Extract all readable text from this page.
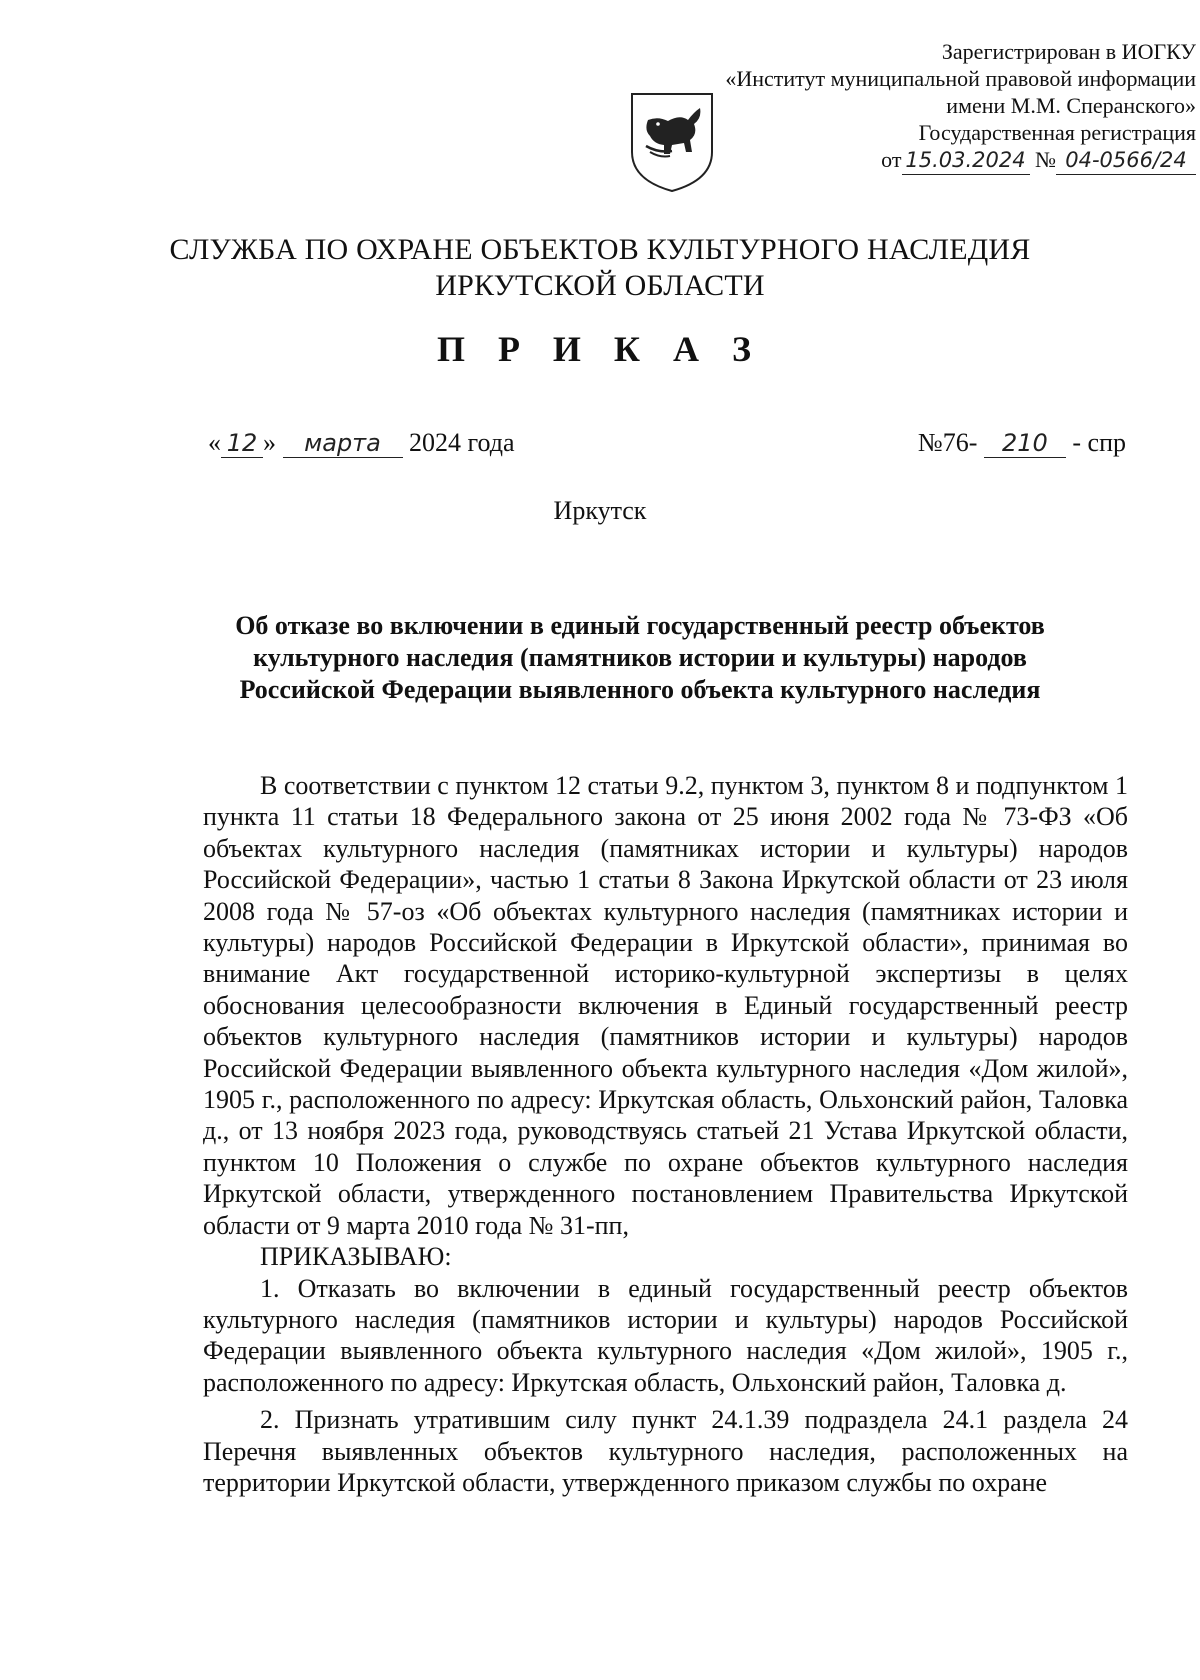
Зарегистрирован в ИОГКУ
«Институт муниципальной правовой информации
имени М.М. Сперанского»
Государственная регистрация
от 15.03.2024 № 04-0566/24
СЛУЖБА ПО ОХРАНЕ ОБЪЕКТОВ КУЛЬТУРНОГО НАСЛЕДИЯ
ИРКУТСКОЙ ОБЛАСТИ
П Р И К А З
« 12 » марта 2024 года	№76- 210 - спр
Иркутск
Об отказе во включении в единый государственный реестр объектов
культурного наследия (памятников истории и культуры) народов
Российской Федерации выявленного объекта культурного наследия

В соответствии с пунктом 12 статьи 9.2, пунктом 3, пунктом 8 и подпунктом 1 пункта 11 статьи 18 Федерального закона от 25 июня 2002 года № 73-ФЗ «Об объектах культурного наследия (памятниках истории и культуры) народов Российской Федерации», частью 1 статьи 8 Закона Иркутской области от 23 июля 2008 года № 57-оз «Об объектах культурного наследия (памятниках истории и культуры) народов Российской Федерации в Иркутской области», принимая во внимание Акт государственной историко-культурной экспертизы в целях обоснования целесообразности включения в Единый государственный реестр объектов культурного наследия (памятников истории и культуры) народов Российской Федерации выявленного объекта культурного наследия «Дом жилой», 1905 г., расположенного по адресу: Иркутская область, Ольхонский район, Таловка д., от 13 ноября 2023 года, руководствуясь статьей 21 Устава Иркутской области, пунктом 10 Положения о службе по охране объектов культурного наследия Иркутской области, утвержденного постановлением Правительства Иркутской области от 9 марта 2010 года № 31-пп,

ПРИКАЗЫВАЮ:

1. Отказать во включении в единый государственный реестр объектов культурного наследия (памятников истории и культуры) народов Российской Федерации выявленного объекта культурного наследия «Дом жилой», 1905 г., расположенного по адресу: Иркутская область, Ольхонский район, Таловка д.

2. Признать утратившим силу пункт 24.1.39 подраздела 24.1 раздела 24 Перечня выявленных объектов культурного наследия, расположенных на территории Иркутской области, утвержденного приказом службы по охране
